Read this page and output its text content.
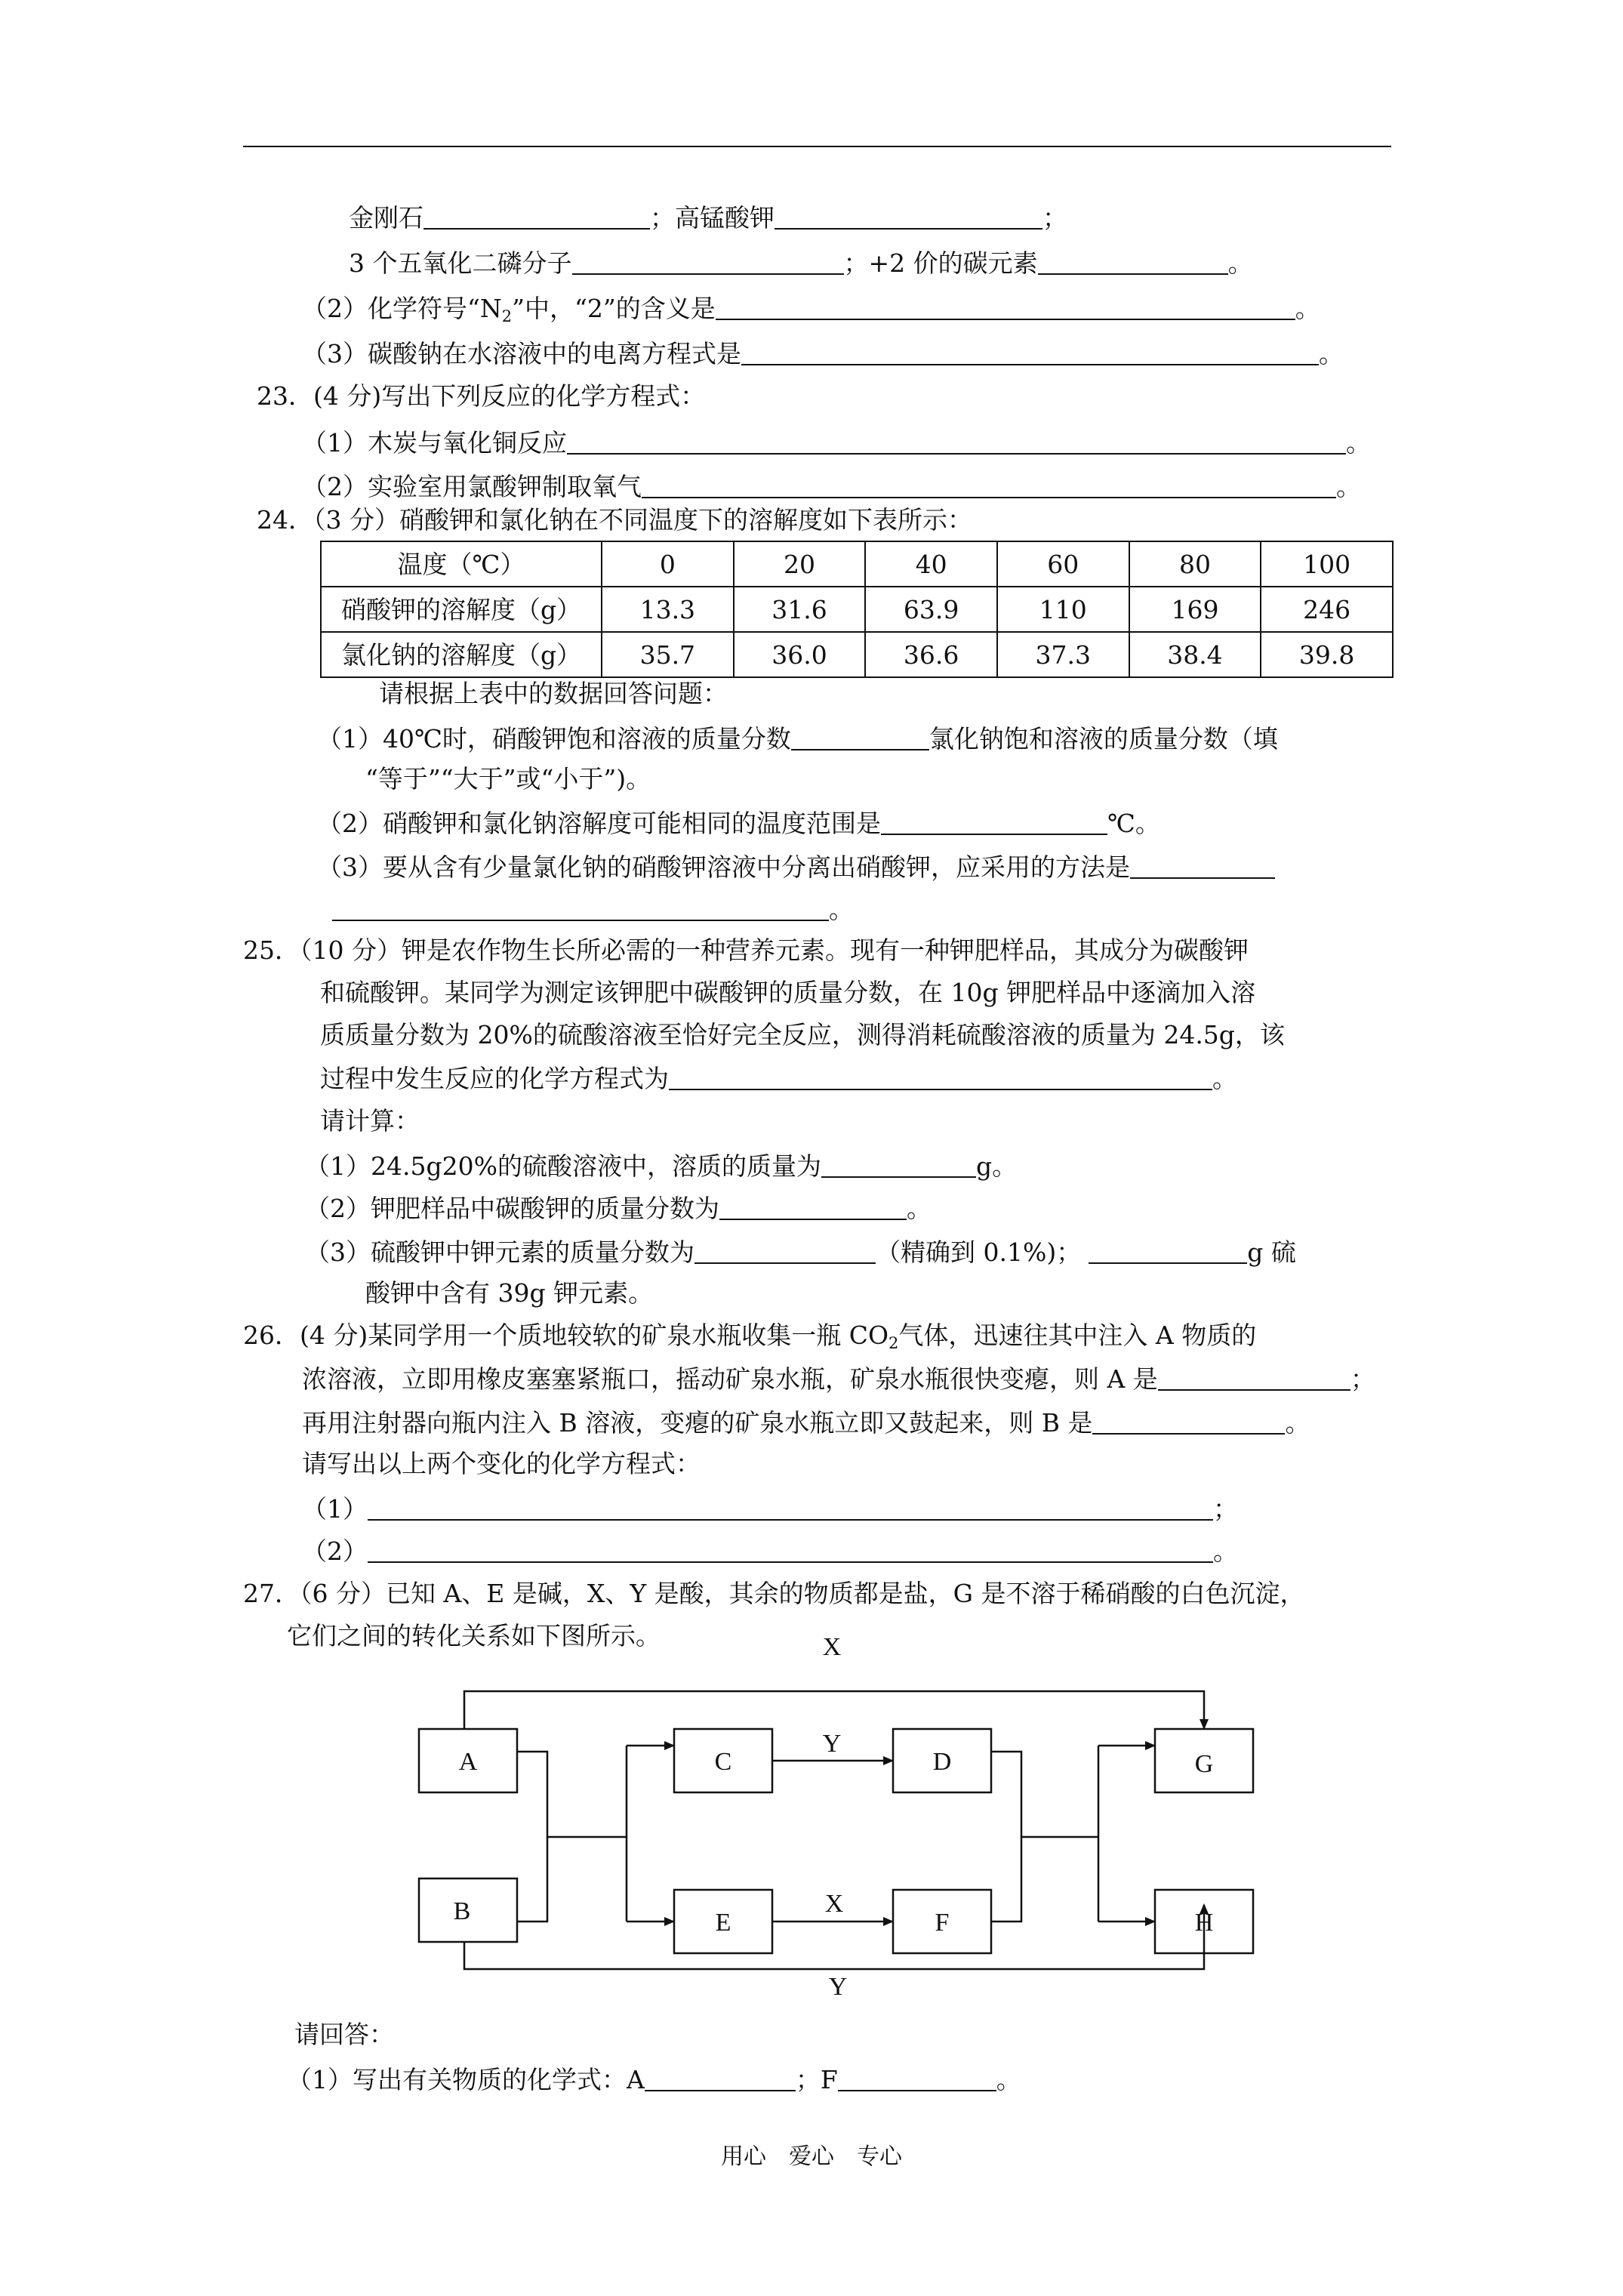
金刚石	；高锰酸钾	；
3 个五氧化二磷分子	；+2 价的碳元素	。
（2）化学符号“$N_2$”中，“2”的含义是	。
（3）碳酸钠在水溶液中的电离方程式是	。
23．(4 分)写出下列反应的化学方程式：
（1）木炭与氧化铜反应	。
（2）实验室用氯酸钾制取氧气	。
24．（3 分）硝酸钾和氯化钠在不同温度下的溶解度如下表所示：
温度（℃）	0	20	40	60	80	100
硝酸钾的溶解度（g）	13.3	31.6	63.9	110	169	246
氯化钠的溶解度（g）	35.7	36.0	36.6	37.3	38.4	39.8
请根据上表中的数据回答问题：
（1）40℃时，硝酸钾饱和溶液的质量分数	氯化钠饱和溶液的质量分数（填
“等于”“大于”或“小于”)。
（2）硝酸钾和氯化钠溶解度可能相同的温度范围是	℃。
（3）要从含有少量氯化钠的硝酸钾溶液中分离出硝酸钾，应采用的方法是
。
25．（10 分）钾是农作物生长所必需的一种营养元素。现有一种钾肥样品，其成分为碳酸钾
和硫酸钾。某同学为测定该钾肥中碳酸钾的质量分数，在 10g 钾肥样品中逐滴加入溶
质质量分数为 20%的硫酸溶液至恰好完全反应，测得消耗硫酸溶液的质量为 24.5g，该
过程中发生反应的化学方程式为	。
请计算：
（1）24.5g20%的硫酸溶液中，溶质的质量为	g。
（2）钾肥样品中碳酸钾的质量分数为	。
（3）硫酸钾中钾元素的质量分数为	（精确到 0.1%)；	g 硫
酸钾中含有 39g 钾元素。
26．(4 分)某同学用一个质地较软的矿泉水瓶收集一瓶 $CO_2$气体，迅速往其中注入 A 物质的
浓溶液，立即用橡皮塞塞紧瓶口，摇动矿泉水瓶，矿泉水瓶很快变瘪，则 A 是	；
再用注射器向瓶内注入 B 溶液，变瘪的矿泉水瓶立即又鼓起来，则 B 是	。
请写出以上两个变化的化学方程式：
（1）	；
（2）	。
27．（6 分）已知 A、E 是碱，X、Y 是酸，其余的物质都是盐，G 是不溶于稀硝酸的白色沉淀，
它们之间的转化关系如下图所示。
A
B
C	D
E	F
G
H
X
Y
X
Y
请回答：
（1）写出有关物质的化学式：A	；F	。
用心　爱心　专心
